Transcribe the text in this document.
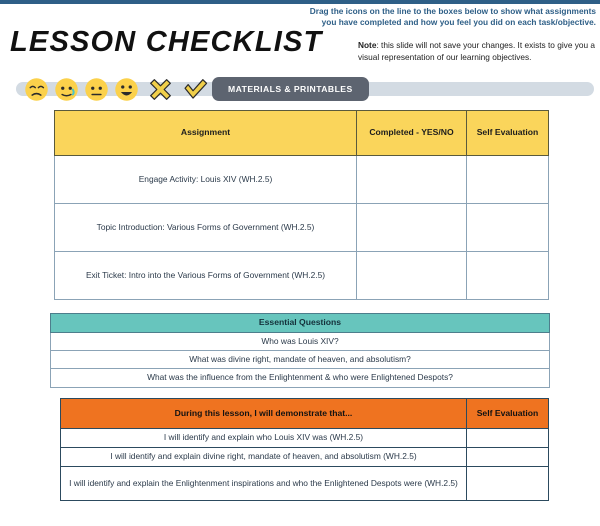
LESSON CHECKLIST
Drag the icons on the line to the boxes below to show what assignments you have completed and how you feel you did on each task/objective.
Note: this slide will not save your changes. It exists to give you a visual representation of our learning objectives.
MATERIALS & PRINTABLES
Assignment	Completed - YES/NO	Self Evaluation
Engage Activity: Louis XIV (WH.2.5)		
Topic Introduction: Various Forms of Government (WH.2.5)		
Exit Ticket: Intro into the Various Forms of Government (WH.2.5)		
Essential Questions
Who was Louis XIV?
What was divine right, mandate of heaven, and absolutism?
What was the influence from the Enlightenment & who were Enlightened Despots?
During this lesson, I will demonstrate that...	Self Evaluation
I will identify and explain who Louis XIV was (WH.2.5)	
I will identify and explain divine right, mandate of heaven, and absolutism (WH.2.5)	
I will identify and explain the Enlightenment inspirations and who the Enlightened Despots were (WH.2.5)	
